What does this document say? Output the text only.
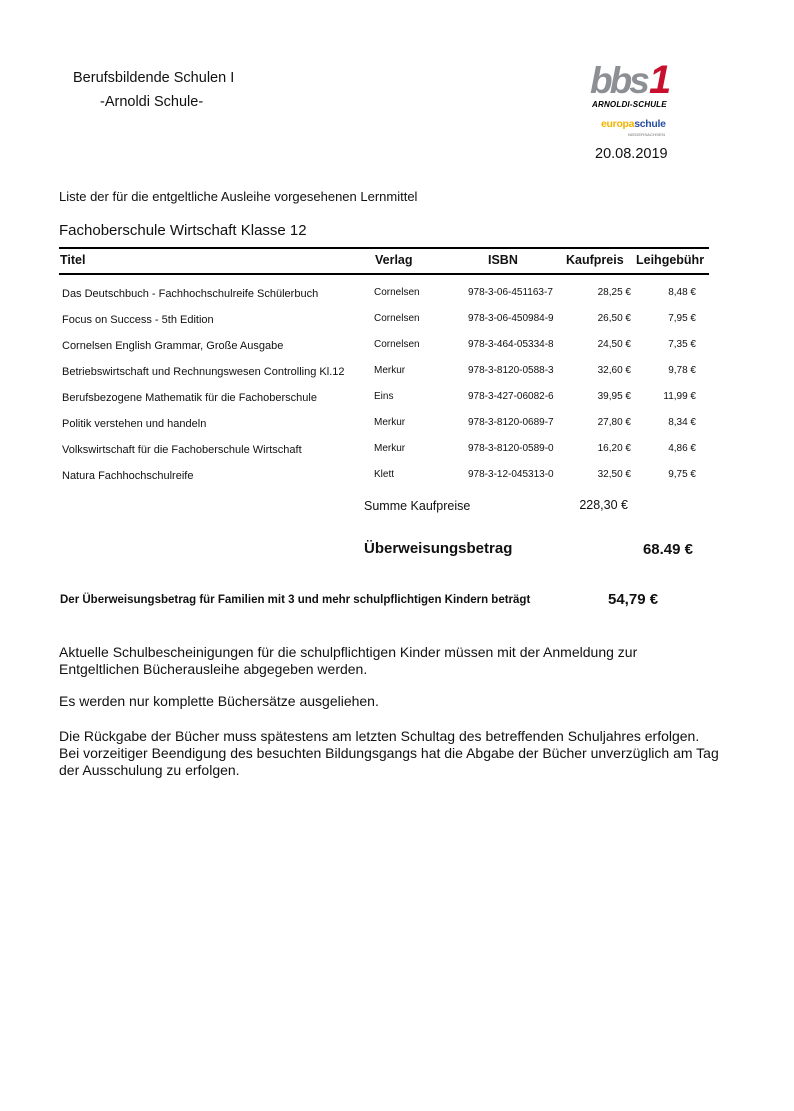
Berufsbildende Schulen I
-Arnoldi Schule-
bbs 1
ARNOLDI-SCHULE
europaschule
NIEDERSACHSEN
20.08.2019
Liste der für die entgeltliche Ausleihe vorgesehenen Lernmittel
Fachoberschule Wirtschaft Klasse 12
Titel	Verlag	ISBN	Kaufpreis Leihgebühr
Das Deutschbuch - Fachhochschulreife Schülerbuch	Cornelsen	978-3-06-451163-7	28,25 €	8,48 €
Focus on Success - 5th Edition	Cornelsen	978-3-06-450984-9	26,50 €	7,95 €
Cornelsen English Grammar, Große Ausgabe	Cornelsen	978-3-464-05334-8	24,50 €	7,35 €
Betriebswirtschaft und Rechnungswesen Controlling Kl.12	Merkur	978-3-8120-0588-3	32,60 €	9,78 €
Berufsbezogene Mathematik für die Fachoberschule	Eins	978-3-427-06082-6	39,95 €	11,99 €
Politik verstehen und handeln	Merkur	978-3-8120-0689-7	27,80 €	8,34 €
Volkswirtschaft für die Fachoberschule Wirtschaft	Merkur	978-3-8120-0589-0	16,20 €	4,86 €
Natura Fachhochschulreife	Klett	978-3-12-045313-0	32,50 €	9,75 €
Summe Kaufpreise	228,30 €
Überweisungsbetrag	68.49 €
Der Überweisungsbetrag für Familien mit 3 und mehr schulpflichtigen Kindern beträgt	54,79 €
Aktuelle Schulbescheinigungen für die schulpflichtigen Kinder müssen mit der Anmeldung zur Entgeltlichen Bücherausleihe abgegeben werden.
Es werden nur komplette Büchersätze ausgeliehen.
Die Rückgabe der Bücher muss spätestens am letzten Schultag des betreffenden Schuljahres erfolgen. Bei vorzeitiger Beendigung des besuchten Bildungsgangs hat die Abgabe der Bücher unverzüglich am Tag der Ausschulung zu erfolgen.
